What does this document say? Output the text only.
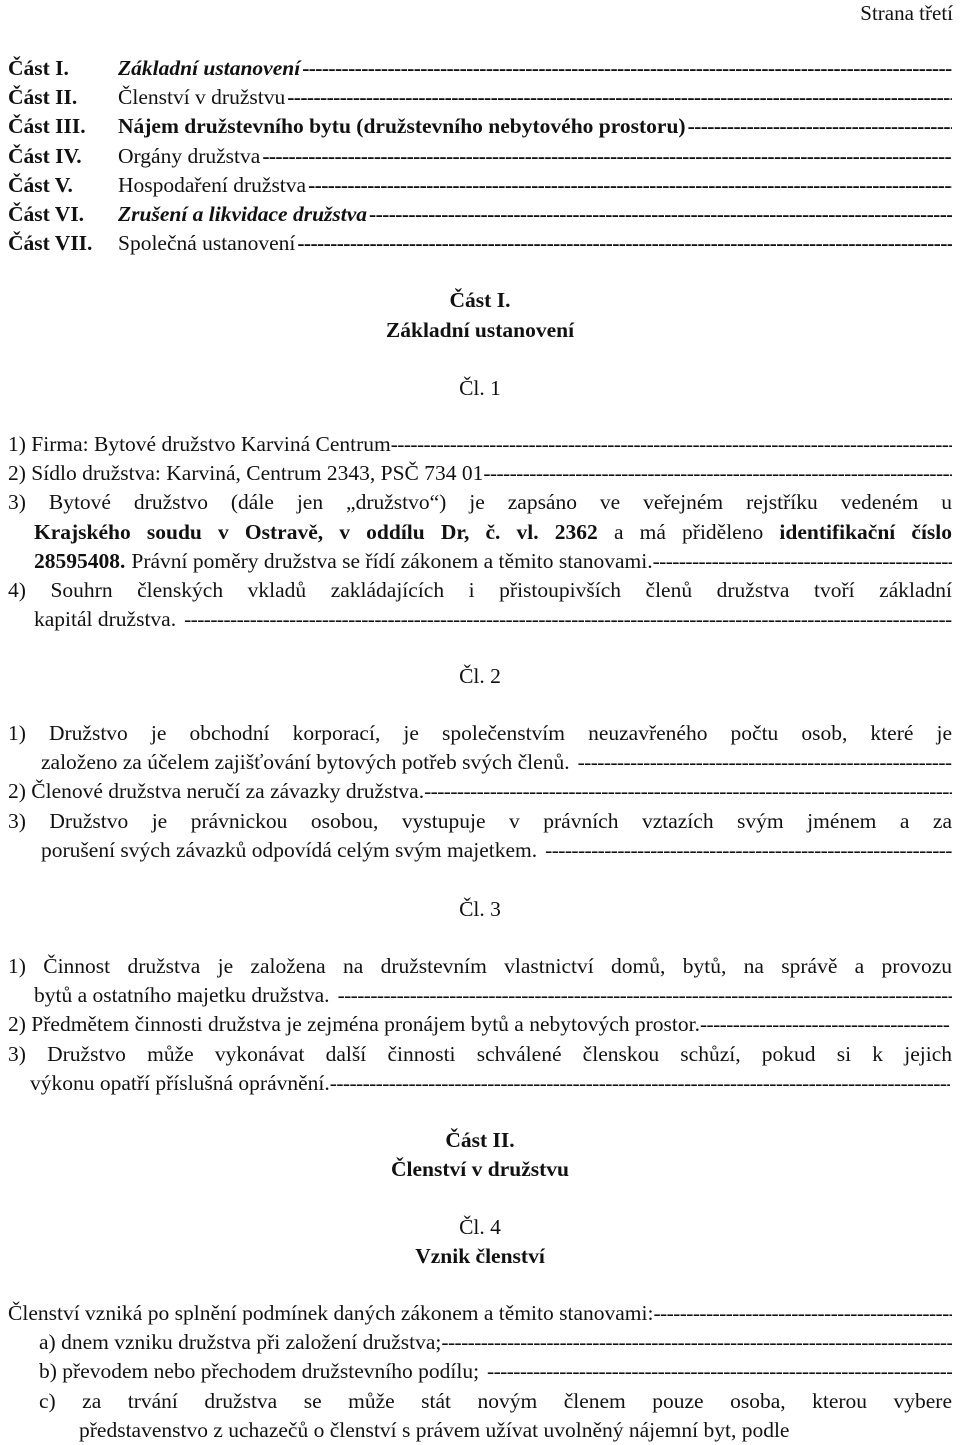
Strana třetí
Část I.	Základní ustanovení
-----
Část II.	Členství v družstvu
-----
Část III.	Nájem družstevního bytu (družstevního nebytového prostoru)
-----
Část IV.	Orgány družstva
-----
Část V.	Hospodaření družstva
-----
Část VI.	Zrušení a likvidace družstva
-----
Část VII.	Společná ustanovení
-----
Část I.
Základní ustanovení
Čl. 1
1) Firma: Bytové družstvo Karviná Centrum
-----
2) Sídlo družstva: Karviná, Centrum 2343, PSČ 734 01
-----
3) Bytové družstvo (dále jen „družstvo“) je zapsáno ve veřejném rejstříku vedeném u
Krajského soudu v Ostravě, v oddílu Dr, č. vl. 2362 a má přiděleno identifikační číslo
28595408. Právní poměry družstva se řídí zákonem a těmito stanovami.
-----
4) Souhrn členských vkladů zakládajících i přistoupivších členů družstva tvoří základní
kapitál družstva.
-----
Čl. 2
1) Družstvo je obchodní korporací, je společenstvím neuzavřeného počtu osob, které je
založeno za účelem zajišťování bytových potřeb svých členů.
-----
2) Členové družstva neručí za závazky družstva.
-----
3) Družstvo je právnickou osobou, vystupuje v právních vztazích svým jménem a za
porušení svých závazků odpovídá celým svým majetkem.
-----
Čl. 3
1) Činnost družstva je založena na družstevním vlastnictví domů, bytů, na správě a provozu
bytů a ostatního majetku družstva.
-----
2) Předmětem činnosti družstva je zejména pronájem bytů a nebytových prostor.
-----
3) Družstvo může vykonávat další činnosti schválené členskou schůzí, pokud si k jejich
výkonu opatří příslušná oprávnění.
-----
Část II.
Členství v družstvu
Čl. 4
Vznik členství
Členství vzniká po splnění podmínek daných zákonem a těmito stanovami:
-----
a) dnem vzniku družstva při založení družstva;
-----
b) převodem nebo přechodem družstevního podílu;
-----
c) za trvání družstva se může stát novým členem pouze osoba, kterou vybere
představenstvo z uchazečů o členství s právem užívat uvolněný nájemní byt, podle
